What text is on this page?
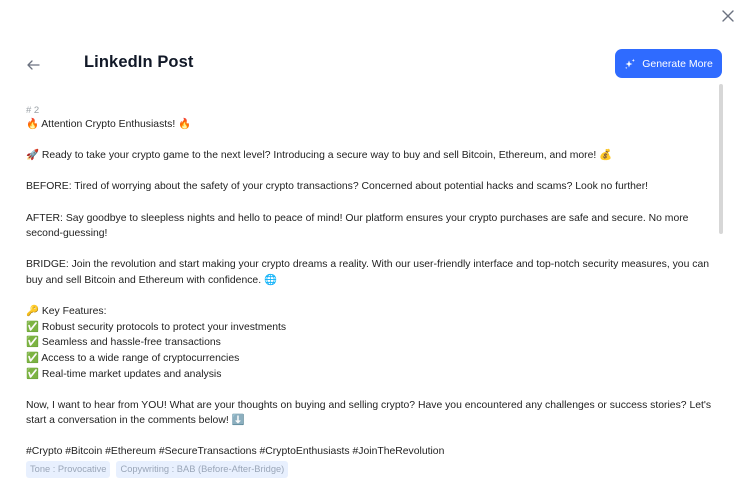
LinkedIn Post	Generate More
# 2
🔥 Attention Crypto Enthusiasts! 🔥
🚀 Ready to take your crypto game to the next level? Introducing a secure way to buy and sell Bitcoin, Ethereum, and more! 💰
BEFORE: Tired of worrying about the safety of your crypto transactions? Concerned about potential hacks and scams? Look no further!
AFTER: Say goodbye to sleepless nights and hello to peace of mind! Our platform ensures your crypto purchases are safe and secure. No more second-guessing!
BRIDGE: Join the revolution and start making your crypto dreams a reality. With our user-friendly interface and top-notch security measures, you can buy and sell Bitcoin and Ethereum with confidence. 🌐
🔑 Key Features:
✅ Robust security protocols to protect your investments
✅ Seamless and hassle-free transactions
✅ Access to a wide range of cryptocurrencies
✅ Real-time market updates and analysis
Now, I want to hear from YOU! What are your thoughts on buying and selling crypto? Have you encountered any challenges or success stories? Let's start a conversation in the comments below! ⬇️
#Crypto #Bitcoin #Ethereum #SecureTransactions #CryptoEnthusiasts #JoinTheRevolution
Tone : Provocative	Copywriting : BAB (Before-After-Bridge)
